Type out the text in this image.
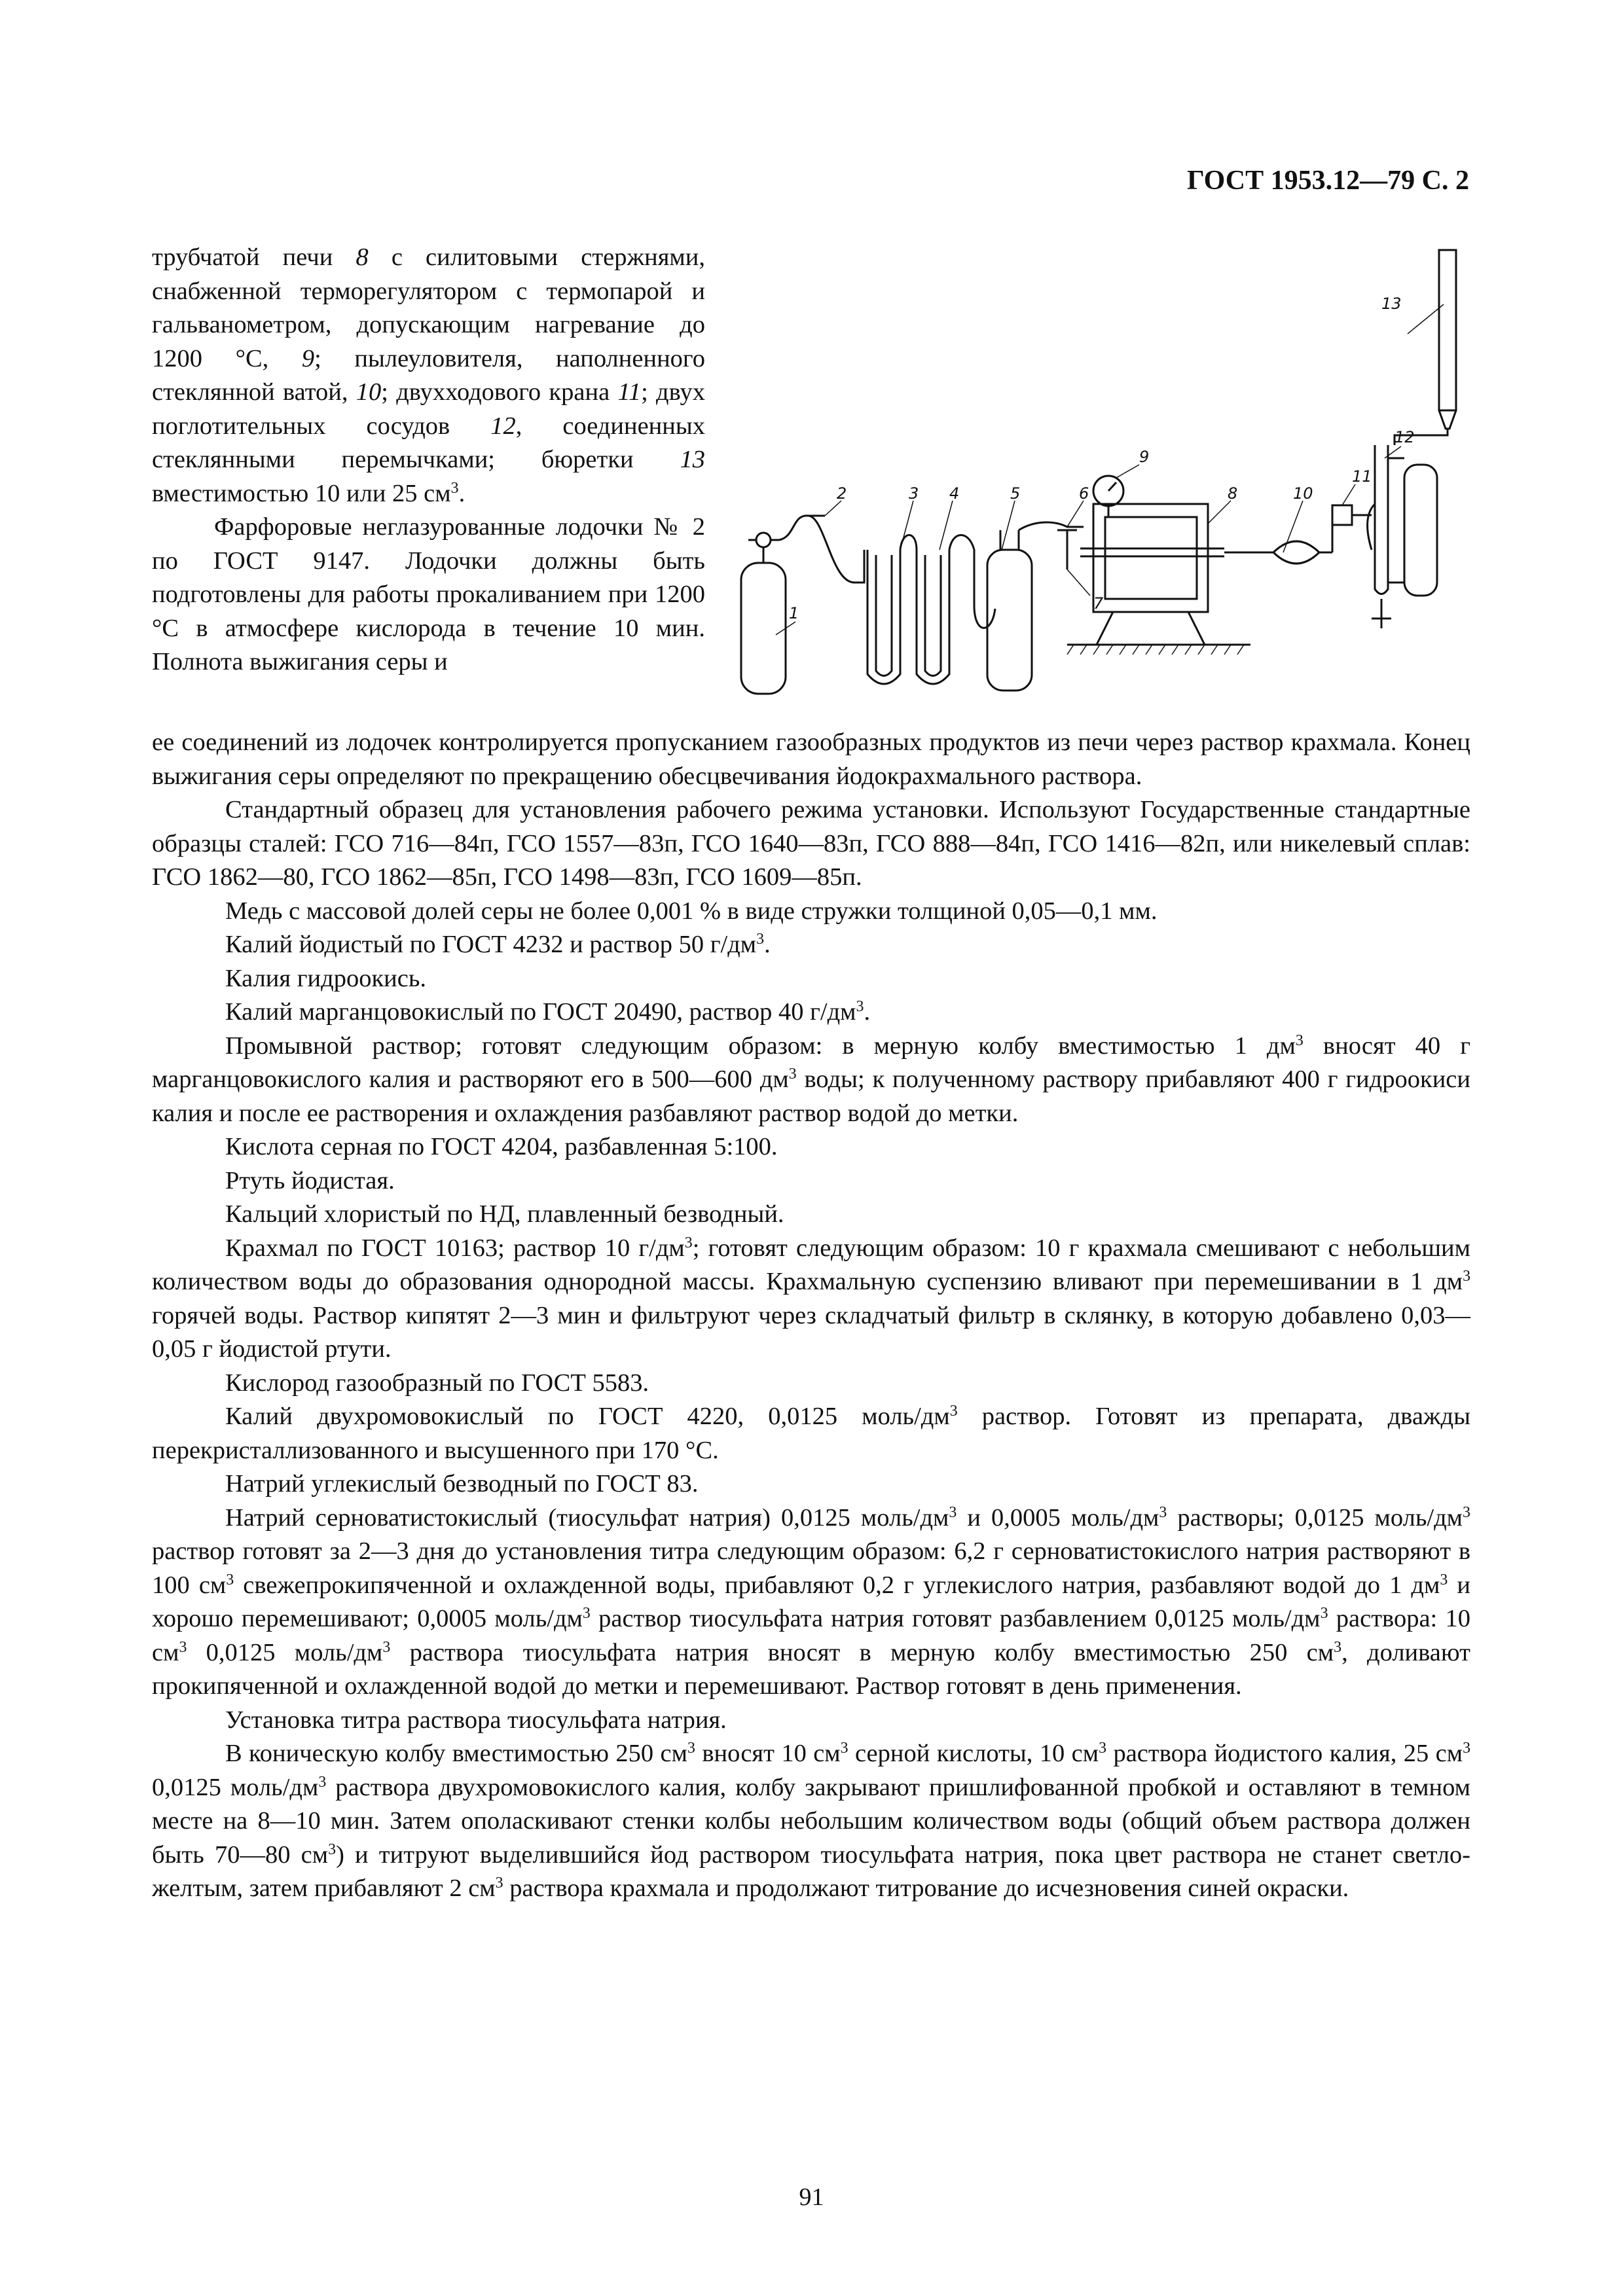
ГОСТ 1953.12—79 С. 2

трубчатой печи 8 с силитовыми стержнями, снабженной терморегулятором с термопарой и гальванометром, допускающим нагревание до 1200 °С, 9; пылеуловителя, наполненного стеклянной ватой, 10; двухходового крана 11; двух поглотительных сосудов 12, соединенных стеклянными перемычками; бюретки 13 вместимостью 10 или 25 $см^3$.

Фарфоровые неглазурованные лодочки № 2 по ГОСТ 9147. Лодочки должны быть подготовлены для работы прокаливанием при 1200 °С в атмосфере кислорода в течение 10 мин. Полнота выжигания серы и

1
2	3 4	5	6
7
8
9
10
11
12
13

ее соединений из лодочек контролируется пропусканием газообразных продуктов из печи через раствор крахмала. Конец выжигания серы определяют по прекращению обесцвечивания йодокрахмального раствора.

Стандартный образец для установления рабочего режима установки. Используют Государственные стандартные образцы сталей: ГСО 716—84п, ГСО 1557—83п, ГСО 1640—83п, ГСО 888—84п, ГСО 1416—82п, или никелевый сплав: ГСО 1862—80, ГСО 1862—85п, ГСО 1498—83п, ГСО 1609—85п.

Медь с массовой долей серы не более 0,001 % в виде стружки толщиной 0,05—0,1 мм.

Калий йодистый по ГОСТ 4232 и раствор 50 $г/дм^3$.

Калия гидроокись.

Калий марганцовокислый по ГОСТ 20490, раствор 40 $г/дм^3$.

Промывной раствор; готовят следующим образом: в мерную колбу вместимостью 1 $дм^3$ вносят 40 г марганцовокислого калия и растворяют его в 500—600 $дм^3$ воды; к полученному раствору прибавляют 400 г гидроокиси калия и после ее растворения и охлаждения разбавляют раствор водой до метки.

Кислота серная по ГОСТ 4204, разбавленная 5:100.

Ртуть йодистая.

Кальций хлористый по НД, плавленный безводный.

Крахмал по ГОСТ 10163; раствор 10 $г/дм^3$; готовят следующим образом: 10 г крахмала смешивают с небольшим количеством воды до образования однородной массы. Крахмальную суспензию вливают при перемешивании в 1 $дм^3$ горячей воды. Раствор кипятят 2—3 мин и фильтруют через складчатый фильтр в склянку, в которую добавлено 0,03—0,05 г йодистой ртути.

Кислород газообразный по ГОСТ 5583.

Калий двухромовокислый по ГОСТ 4220, 0,0125 моль/$дм^3$ раствор. Готовят из препарата, дважды перекристаллизованного и высушенного при 170 °С.

Натрий углекислый безводный по ГОСТ 83.

Натрий серноватистокислый (тиосульфат натрия) 0,0125 моль/$дм^3$ и 0,0005 моль/$дм^3$ растворы; 0,0125 моль/$дм^3$ раствор готовят за 2—3 дня до установления титра следующим образом: 6,2 г серноватистокислого натрия растворяют в 100 $см^3$ свежепрокипяченной и охлажденной воды, прибавляют 0,2 г углекислого натрия, разбавляют водой до 1 $дм^3$ и хорошо перемешивают; 0,0005 моль/$дм^3$ раствор тиосульфата натрия готовят разбавлением 0,0125 моль/$дм^3$ раствора: 10 $см^3$ 0,0125 моль/$дм^3$ раствора тиосульфата натрия вносят в мерную колбу вместимостью 250 $см^3$, доливают прокипяченной и охлажденной водой до метки и перемешивают. Раствор готовят в день применения.

Установка титра раствора тиосульфата натрия.

В коническую колбу вместимостью 250 $см^3$ вносят 10 $см^3$ серной кислоты, 10 $см^3$ раствора йодистого калия, 25 $см^3$ 0,0125 моль/$дм^3$ раствора двухромовокислого калия, колбу закрывают пришлифованной пробкой и оставляют в темном месте на 8—10 мин. Затем ополаскивают стенки колбы небольшим количеством воды (общий объем раствора должен быть 70—80 $см^3$) и титруют выделившийся йод раствором тиосульфата натрия, пока цвет раствора не станет светло-желтым, затем прибавляют 2 $см^3$ раствора крахмала и продолжают титрование до исчезновения синей окраски.

91
